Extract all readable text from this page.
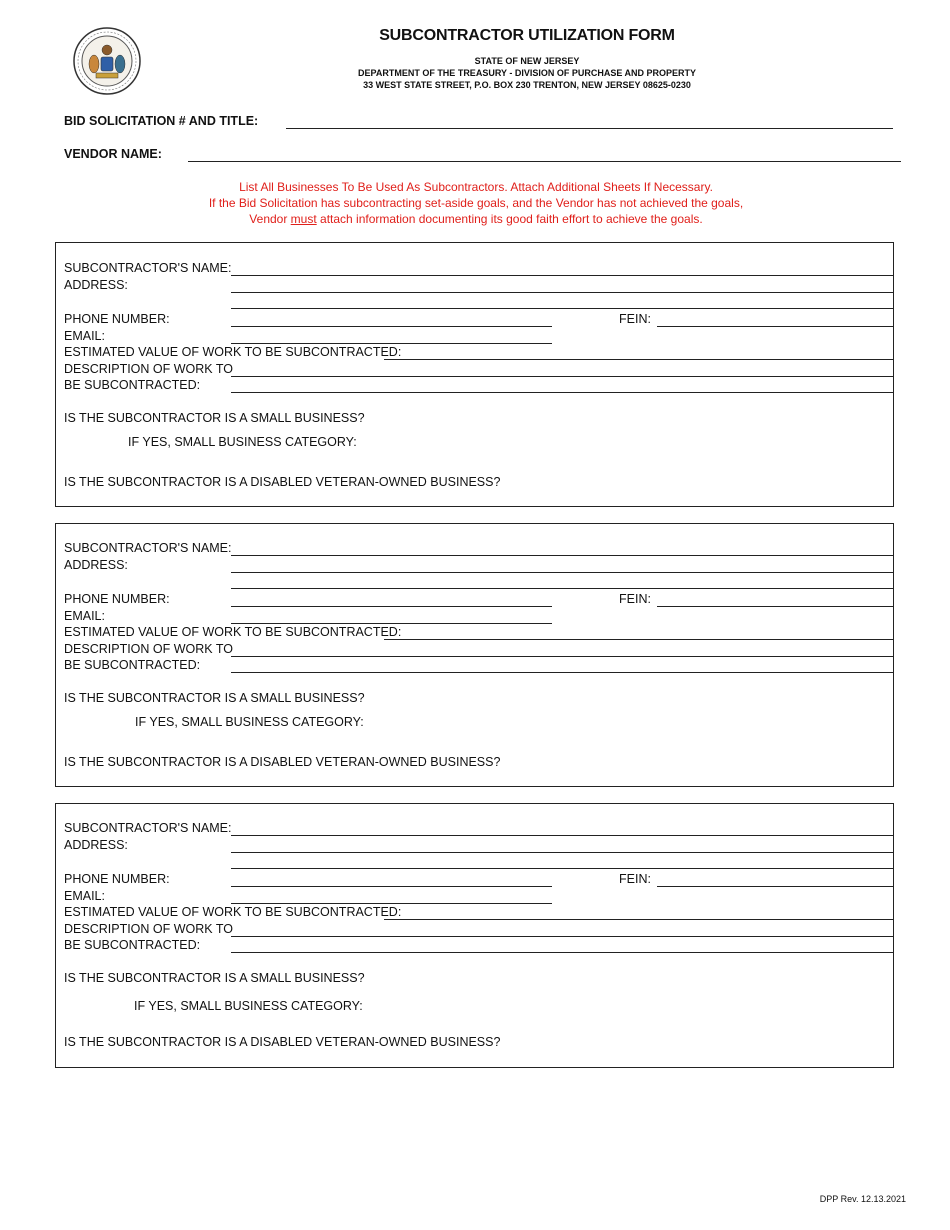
SUBCONTRACTOR UTILIZATION FORM
STATE OF NEW JERSEY
DEPARTMENT OF THE TREASURY - DIVISION OF PURCHASE AND PROPERTY
33 WEST STATE STREET, P.O. BOX 230 TRENTON, NEW JERSEY 08625-0230
BID SOLICITATION # AND TITLE:
VENDOR NAME:
List All Businesses To Be Used As Subcontractors. Attach Additional Sheets If Necessary.
If the Bid Solicitation has subcontracting set-aside goals, and the Vendor has not achieved the goals,
Vendor must attach information documenting its good faith effort to achieve the goals.
SUBCONTRACTOR'S NAME:
ADDRESS:
PHONE NUMBER:	FEIN:
EMAIL:
ESTIMATED VALUE OF WORK TO BE SUBCONTRACTED:
DESCRIPTION OF WORK TO
BE SUBCONTRACTED:
IS THE SUBCONTRACTOR IS A SMALL BUSINESS?
IF YES, SMALL BUSINESS CATEGORY:
IS THE SUBCONTRACTOR IS A DISABLED VETERAN-OWNED BUSINESS?
SUBCONTRACTOR'S NAME:
ADDRESS:
PHONE NUMBER:	FEIN:
EMAIL:
ESTIMATED VALUE OF WORK TO BE SUBCONTRACTED:
DESCRIPTION OF WORK TO
BE SUBCONTRACTED:
IS THE SUBCONTRACTOR IS A SMALL BUSINESS?
IF YES, SMALL BUSINESS CATEGORY:
IS THE SUBCONTRACTOR IS A DISABLED VETERAN-OWNED BUSINESS?
SUBCONTRACTOR'S NAME:
ADDRESS:
PHONE NUMBER:	FEIN:
EMAIL:
ESTIMATED VALUE OF WORK TO BE SUBCONTRACTED:
DESCRIPTION OF WORK TO
BE SUBCONTRACTED:
IS THE SUBCONTRACTOR IS A SMALL BUSINESS?
IF YES, SMALL BUSINESS CATEGORY:
IS THE SUBCONTRACTOR IS A DISABLED VETERAN-OWNED BUSINESS?
DPP Rev. 12.13.2021
